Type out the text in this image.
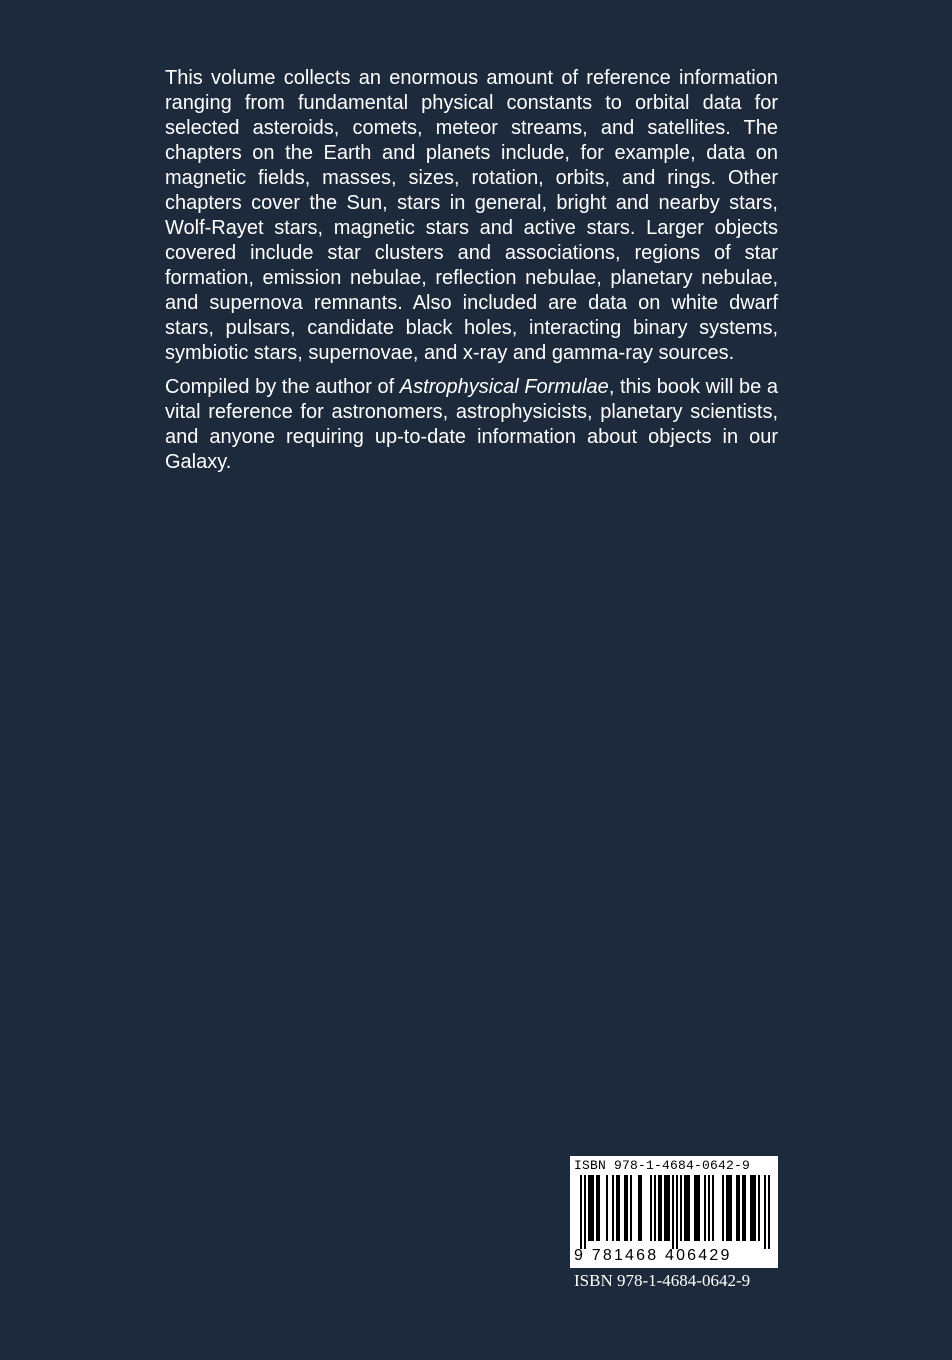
This volume collects an enormous amount of reference information ranging from fundamental physical constants to orbital data for selected asteroids, comets, meteor streams, and satellites. The chapters on the Earth and planets include, for example, data on magnetic fields, masses, sizes, rotation, orbits, and rings. Other chapters cover the Sun, stars in general, bright and nearby stars, Wolf-Rayet stars, magnetic stars and active stars. Larger objects covered include star clusters and associations, regions of star formation, emission nebulae, reflection nebulae, planetary nebulae, and supernova remnants. Also included are data on white dwarf stars, pulsars, candidate black holes, interacting binary systems, symbiotic stars, supernovae, and x-ray and gamma-ray sources.

Compiled by the author of Astrophysical Formulae, this book will be a vital reference for astronomers, astrophysicists, planetary scientists, and anyone requiring up-to-date information about objects in our Galaxy.

ISBN 978-1-4684-0642-9
9 781468 406429
ISBN 978-1-4684-0642-9
